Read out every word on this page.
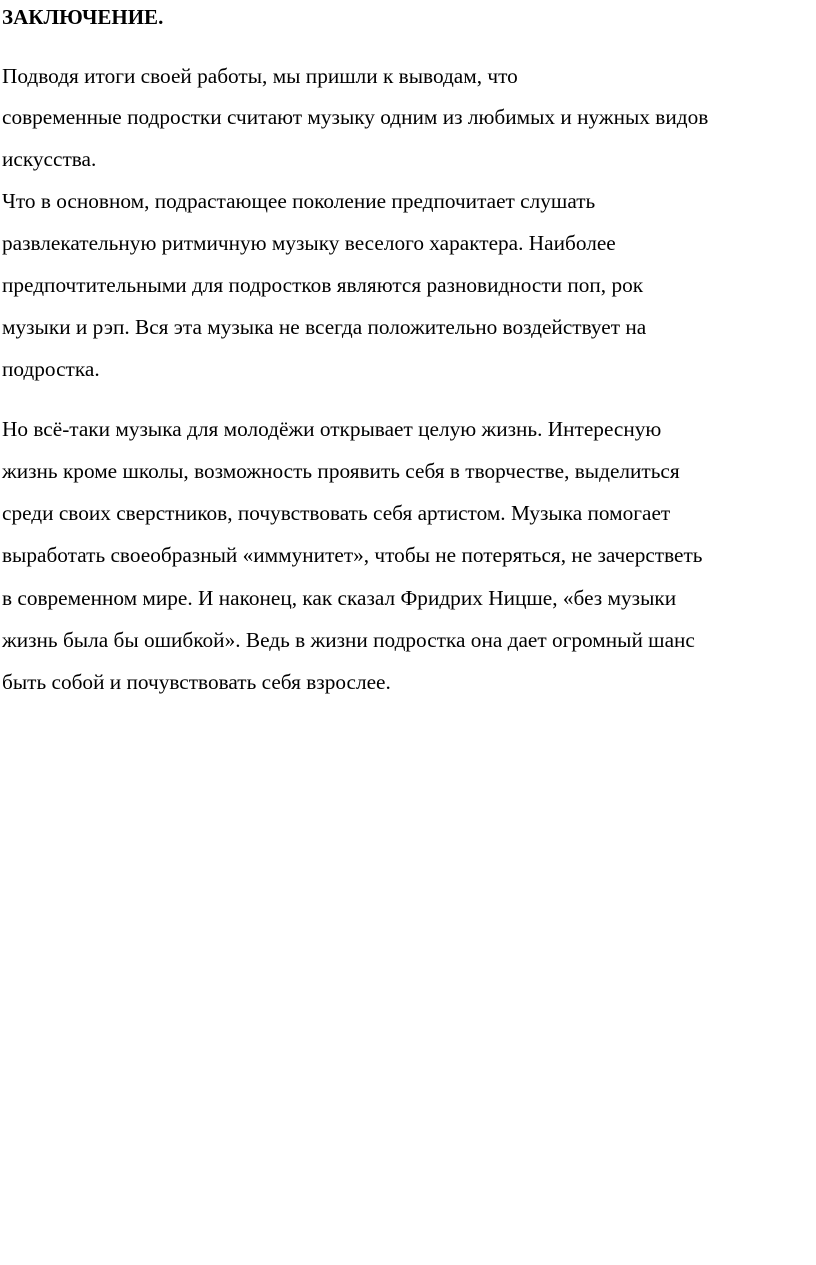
ЗАКЛЮЧЕНИЕ.

Подводя итоги своей работы, мы пришли к выводам, что

современные подростки считают музыку одним из любимых и нужных видов

искусства.

Что в основном, подрастающее поколение предпочитает слушать

развлекательную ритмичную музыку веселого характера. Наиболее

предпочтительными для подростков являются разновидности поп, рок

музыки и рэп. Вся эта музыка не всегда положительно воздействует на

подростка.

Но всё-таки музыка для молодёжи открывает целую жизнь. Интересную

жизнь кроме школы, возможность проявить себя в творчестве, выделиться

среди своих сверстников, почувствовать себя артистом. Музыка помогает

выработать своеобразный «иммунитет», чтобы не потеряться, не зачерстветь

в современном мире. И наконец, как сказал Фридрих Ницше, «без музыки

жизнь была бы ошибкой». Ведь в жизни подростка она дает огромный шанс

быть собой и почувствовать себя взрослее.
